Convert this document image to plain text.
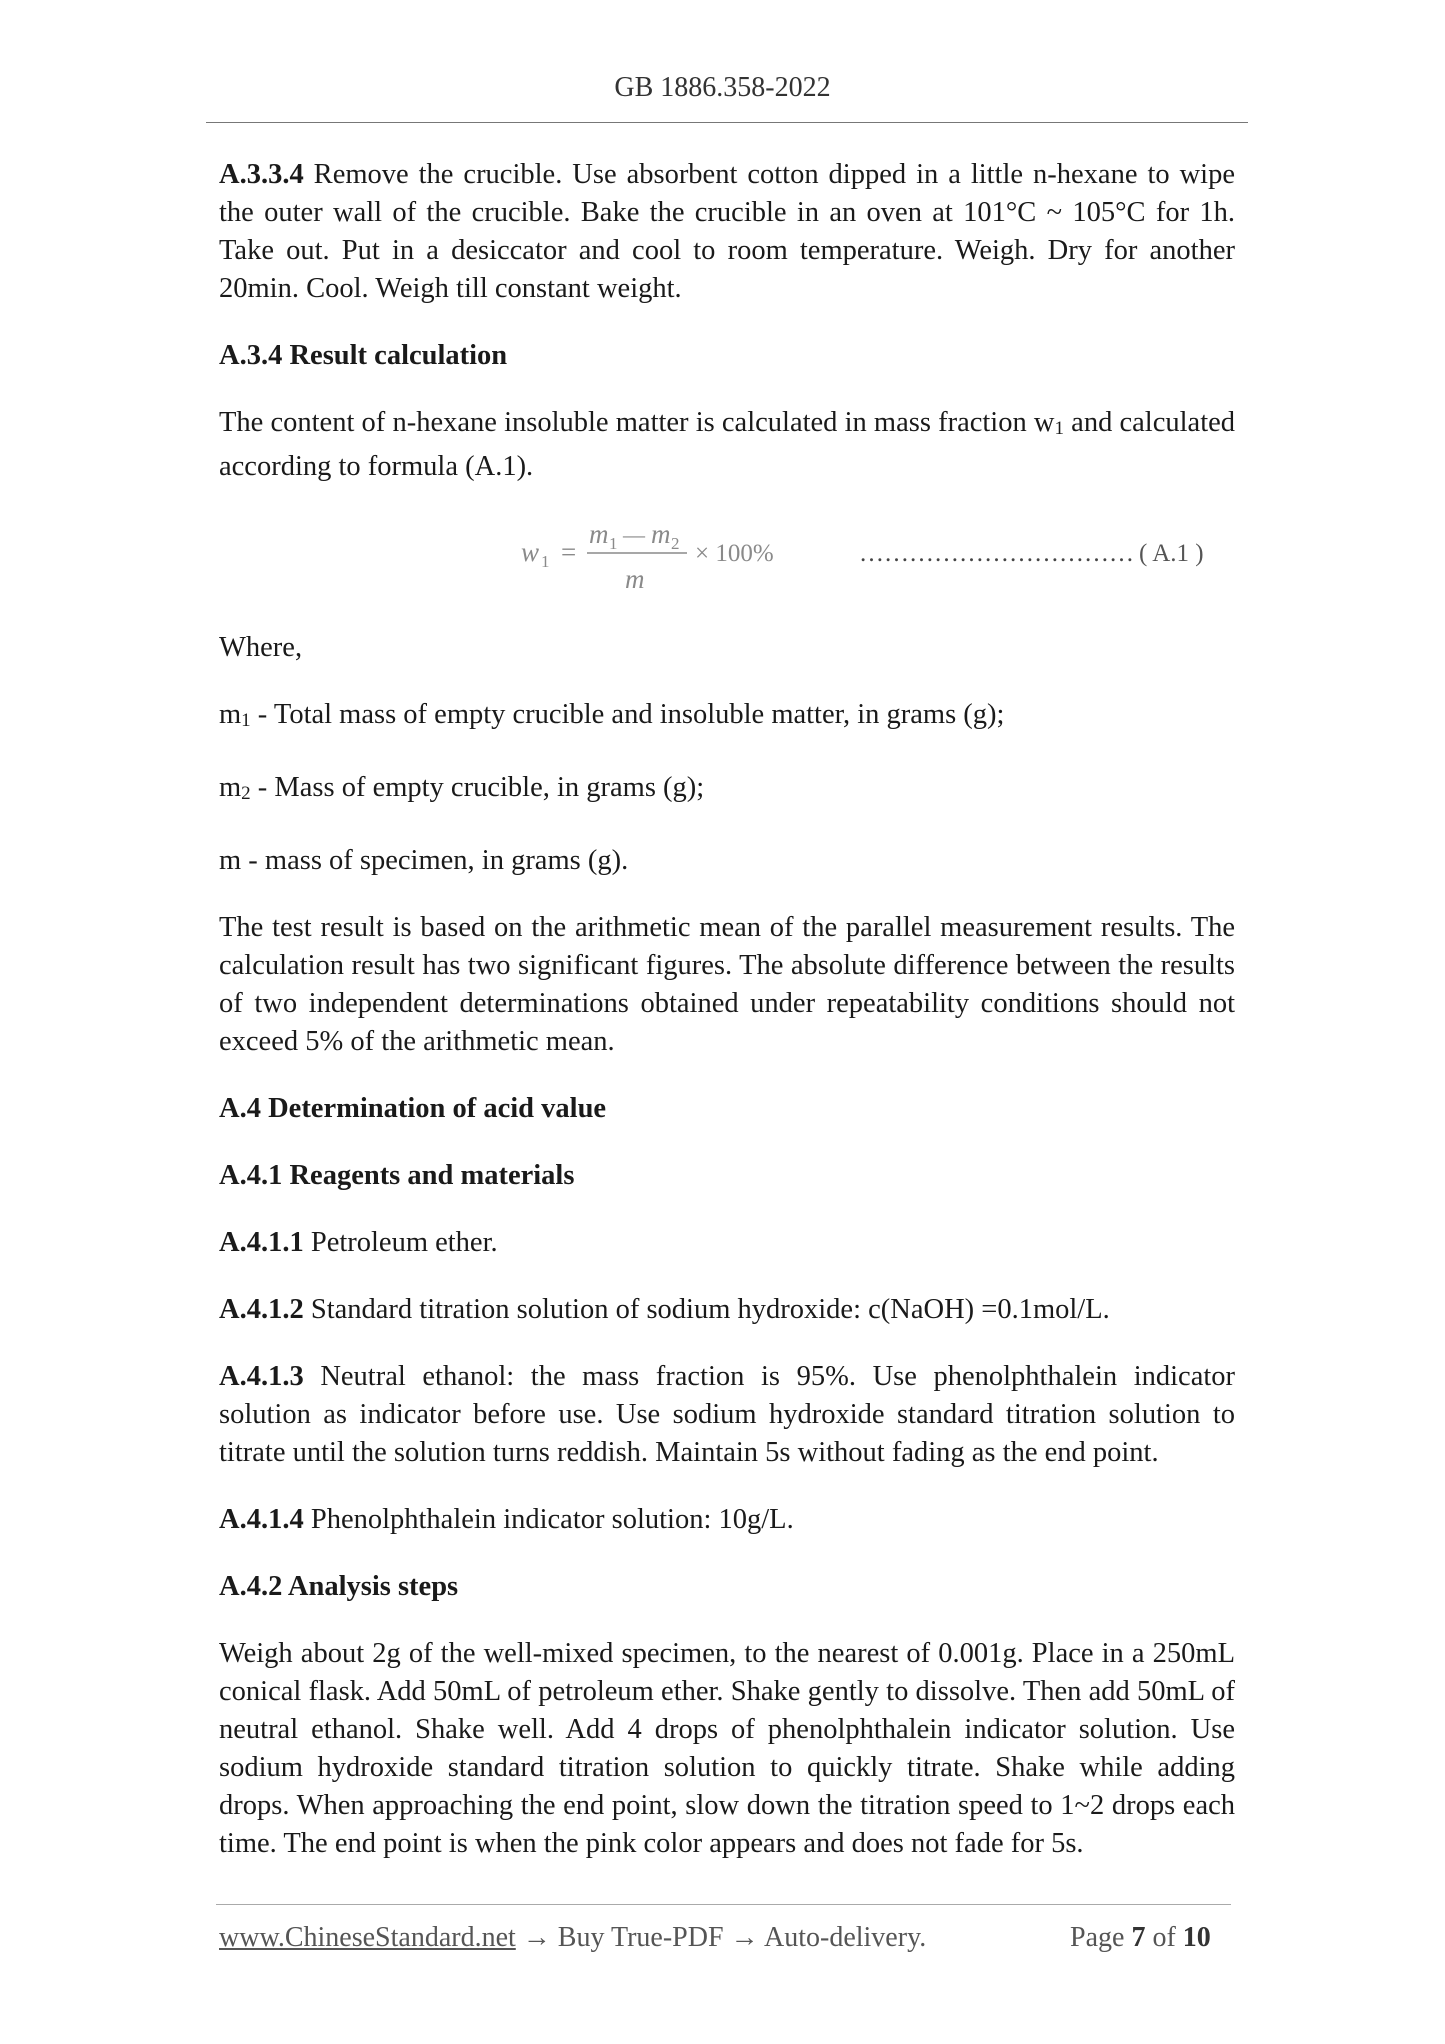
GB 1886.358-2022

A.3.3.4 Remove the crucible. Use absorbent cotton dipped in a little n-hexane to wipe the outer wall of the crucible. Bake the crucible in an oven at 101°C ~ 105°C for 1h. Take out. Put in a desiccator and cool to room temperature. Weigh. Dry for another 20min. Cool. Weigh till constant weight.

A.3.4 Result calculation

The content of n-hexane insoluble matter is calculated in mass fraction w1 and calculated according to formula (A.1).

w 1 =
m 1 — m 2
m
× 100%	…………………………… ( A.1 )

Where,

m1 - Total mass of empty crucible and insoluble matter, in grams (g);

m2 - Mass of empty crucible, in grams (g);

m - mass of specimen, in grams (g).

The test result is based on the arithmetic mean of the parallel measurement results. The calculation result has two significant figures. The absolute difference between the results of two independent determinations obtained under repeatability conditions should not exceed 5% of the arithmetic mean.

A.4 Determination of acid value

A.4.1 Reagents and materials

A.4.1.1 Petroleum ether.

A.4.1.2 Standard titration solution of sodium hydroxide: c(NaOH) =0.1mol/L.

A.4.1.3 Neutral ethanol: the mass fraction is 95%. Use phenolphthalein indicator solution as indicator before use. Use sodium hydroxide standard titration solution to titrate until the solution turns reddish. Maintain 5s without fading as the end point.

A.4.1.4 Phenolphthalein indicator solution: 10g/L.

A.4.2 Analysis steps

Weigh about 2g of the well-mixed specimen, to the nearest of 0.001g. Place in a 250mL conical flask. Add 50mL of petroleum ether. Shake gently to dissolve. Then add 50mL of neutral ethanol. Shake well. Add 4 drops of phenolphthalein indicator solution. Use sodium hydroxide standard titration solution to quickly titrate. Shake while adding drops. When approaching the end point, slow down the titration speed to 1~2 drops each time. The end point is when the pink color appears and does not fade for 5s.

www.ChineseStandard.net → Buy True-PDF → Auto-delivery.	Page 7 of 10
